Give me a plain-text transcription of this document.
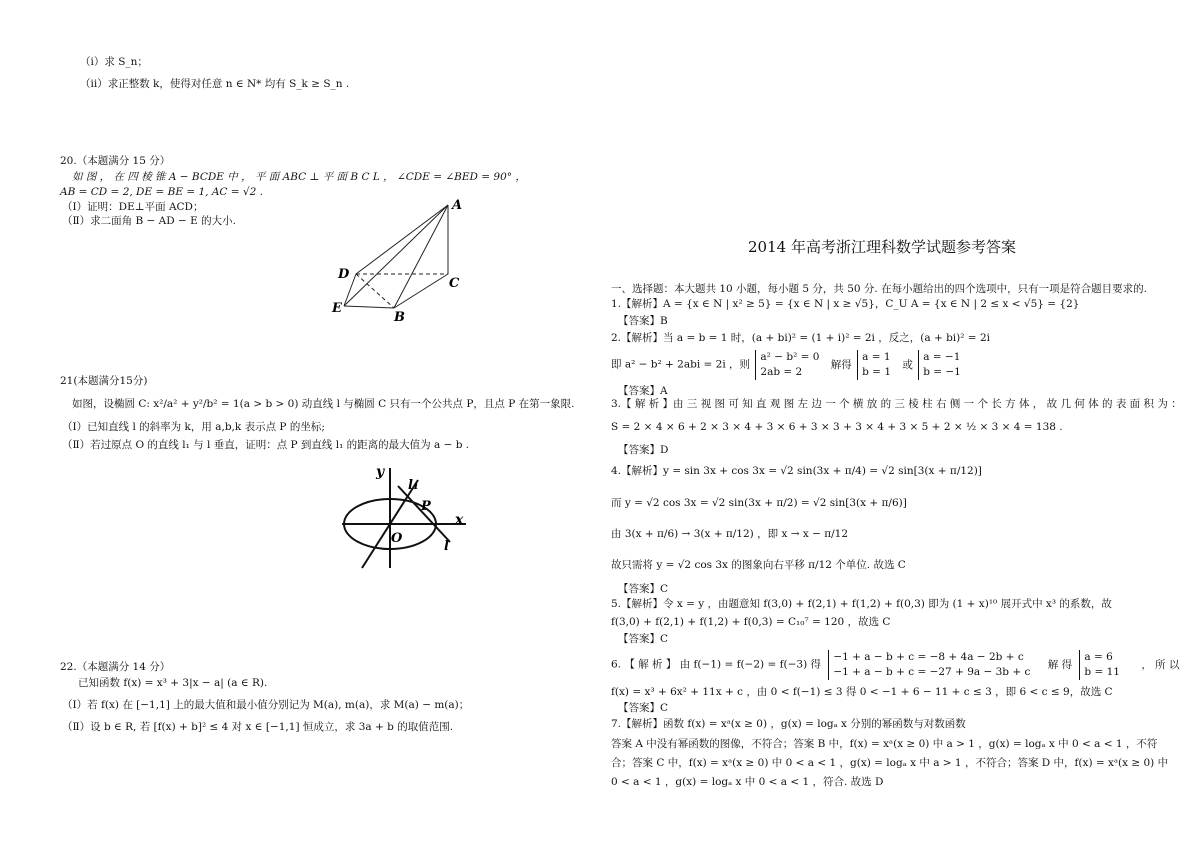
（i）求 S_n；
（ii）求正整数 k，使得对任意 n ∈ N* 均有 S_k ≥ S_n .
20.（本题满分 15 分）
如 图 ， 在 四 棱 锥 A − BCDE 中 ， 平 面 ABC ⊥ 平 面 B C L ， ∠CDE = ∠BED = 90° ，
AB = CD = 2, DE = BE = 1, AC = √2 .
（Ⅰ）证明：DE⊥平面 ACD；
（Ⅱ）求二面角 B − AD − E 的大小.
A
D
C
E
B
21(本题满分15分)
如图，设椭圆 C: x²/a² + y²/b² = 1(a > b > 0) 动直线 l 与椭圆 C 只有一个公共点 P，且点 P 在第一象限.
（Ⅰ）已知直线 l 的斜率为 k，用 a,b,k 表示点 P 的坐标;
（Ⅱ）若过原点 O 的直线 l₁ 与 l 垂直，证明：点 P 到直线 l₁ 的距离的最大值为 a − b .
y
l₁
P
x
O
l
22.（本题满分 14 分）
已知函数 f(x) = x³ + 3|x − a| (a ∈ R).
（Ⅰ）若 f(x) 在 [−1,1] 上的最大值和最小值分别记为 M(a), m(a)，求 M(a) − m(a)；
（Ⅱ）设 b ∈ R, 若 [f(x) + b]² ≤ 4 对 x ∈ [−1,1] 恒成立，求 3a + b 的取值范围.
2014 年高考浙江理科数学试题参考答案
一、选择题：本大题共 10 小题，每小题 5 分，共 50 分. 在每小题给出的四个选项中，只有一项是符合题目要求的.
1.【解析】A = {x ∈ N | x² ≥ 5} = {x ∈ N | x ≥ √5}，C_U A = {x ∈ N | 2 ≤ x < √5} = {2}
【答案】B
2.【解析】当 a = b = 1 时，(a + bi)² = (1 + i)² = 2i ，反之，(a + bi)² = 2i
即 a² − b² + 2abi = 2i ，则 a² − b² = 0
2ab = 2 解得 a = 1
b = 1 或 a = −1
b = −1
【答案】A
3.【 解 析 】由 三 视 图 可 知 直 观 图 左 边 一 个 横 放 的 三 棱 柱 右 侧 一 个 长 方 体 ， 故 几 何 体 的 表 面 积 为 ：
S = 2 × 4 × 6 + 2 × 3 × 4 + 3 × 6 + 3 × 3 + 3 × 4 + 3 × 5 + 2 × ½ × 3 × 4 = 138 .
【答案】D
4.【解析】y = sin 3x + cos 3x = √2 sin(3x + π/4) = √2 sin[3(x + π/12)]
而 y = √2 cos 3x = √2 sin(3x + π/2) = √2 sin[3(x + π/6)]
由 3(x + π/6) → 3(x + π/12) ，即 x → x − π/12
故只需将 y = √2 cos 3x 的图象向右平移 π/12 个单位. 故选 C
【答案】C
5.【解析】令 x = y ，由题意知 f(3,0) + f(2,1) + f(1,2) + f(0,3) 即为 (1 + x)¹⁰ 展开式中 x³ 的系数，故
f(3,0) + f(2,1) + f(1,2) + f(0,3) = C₁₀⁷ = 120 ，故选 C
【答案】C
6. 【 解 析 】 由 f(−1) = f(−2) = f(−3) 得 −1 + a − b + c = −8 + 4a − 2b + c
−1 + a − b + c = −27 + 9a − 3b + c 解 得 a = 6
b = 11 ， 所 以
f(x) = x³ + 6x² + 11x + c ，由 0 < f(−1) ≤ 3 得 0 < −1 + 6 − 11 + c ≤ 3 ，即 6 < c ≤ 9，故选 C
【答案】C
7.【解析】函数 f(x) = xᵃ(x ≥ 0) ，g(x) = logₐ x 分别的幂函数与对数函数
答案 A 中没有幂函数的图像，不符合；答案 B 中，f(x) = xᵃ(x ≥ 0) 中 a > 1 ，g(x) = logₐ x 中 0 < a < 1 ，不符
合；答案 C 中，f(x) = xᵃ(x ≥ 0) 中 0 < a < 1 ，g(x) = logₐ x 中 a > 1 ，不符合；答案 D 中，f(x) = xᵃ(x ≥ 0) 中
0 < a < 1 ，g(x) = logₐ x 中 0 < a < 1 ，符合. 故选 D
